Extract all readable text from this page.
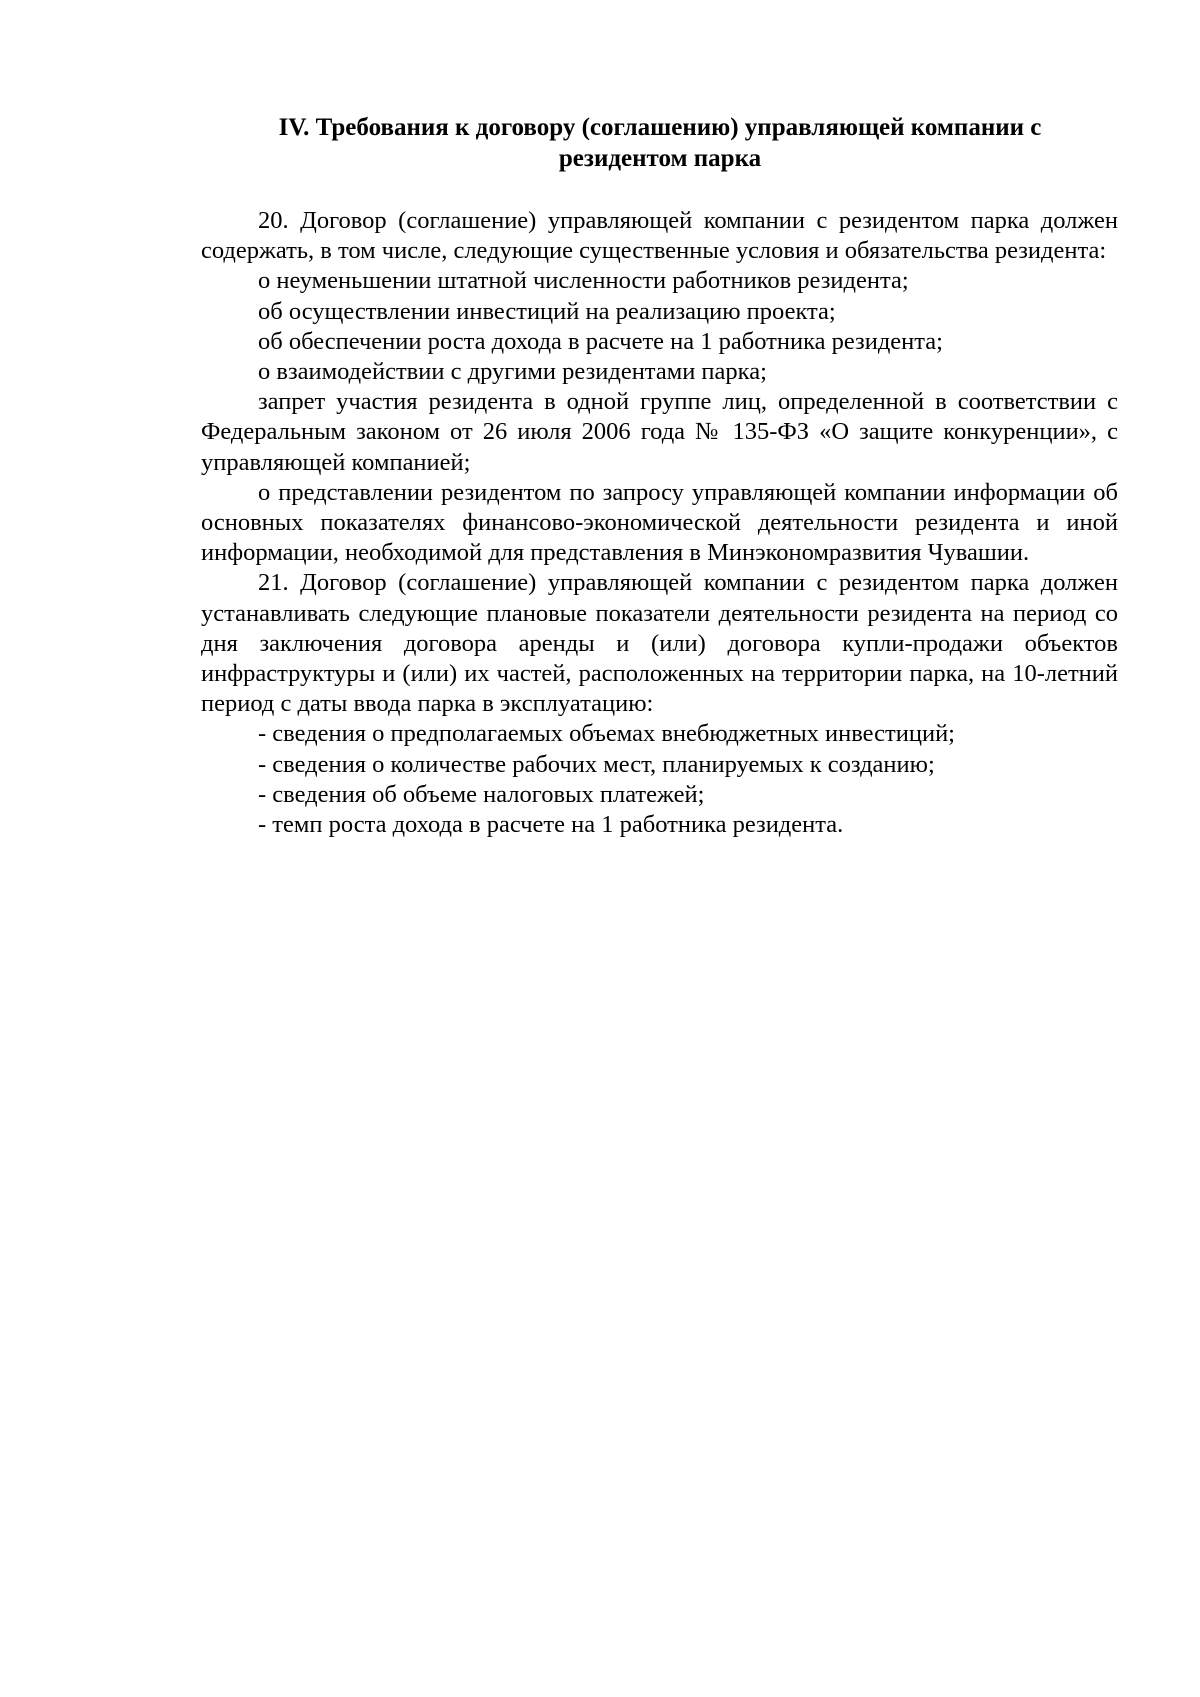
IV. Требования к договору (соглашению) управляющей компании с
резидентом парка

20. Договор (соглашение) управляющей компании с резидентом парка должен содержать, в том числе, следующие существенные условия и обязательства резидента:

о неуменьшении штатной численности работников резидента;

об осуществлении инвестиций на реализацию проекта;

об обеспечении роста дохода в расчете на 1 работника резидента;

о взаимодействии с другими резидентами парка;

запрет участия резидента в одной группе лиц, определенной в соответствии с Федеральным законом от 26 июля 2006 года № 135-ФЗ «О защите конкуренции», с управляющей компанией;

о представлении резидентом по запросу управляющей компании информации об основных показателях финансово-экономической деятельности резидента и иной информации, необходимой для представления в Минэкономразвития Чувашии.

21. Договор (соглашение) управляющей компании с резидентом парка должен устанавливать следующие плановые показатели деятельности резидента на период со дня заключения договора аренды и (или) договора купли-продажи объектов инфраструктуры и (или) их частей, расположенных на территории парка, на 10-летний период с даты ввода парка в эксплуатацию:

- сведения о предполагаемых объемах внебюджетных инвестиций;

- сведения о количестве рабочих мест, планируемых к созданию;

- сведения об объеме налоговых платежей;

- темп роста дохода в расчете на 1 работника резидента.
